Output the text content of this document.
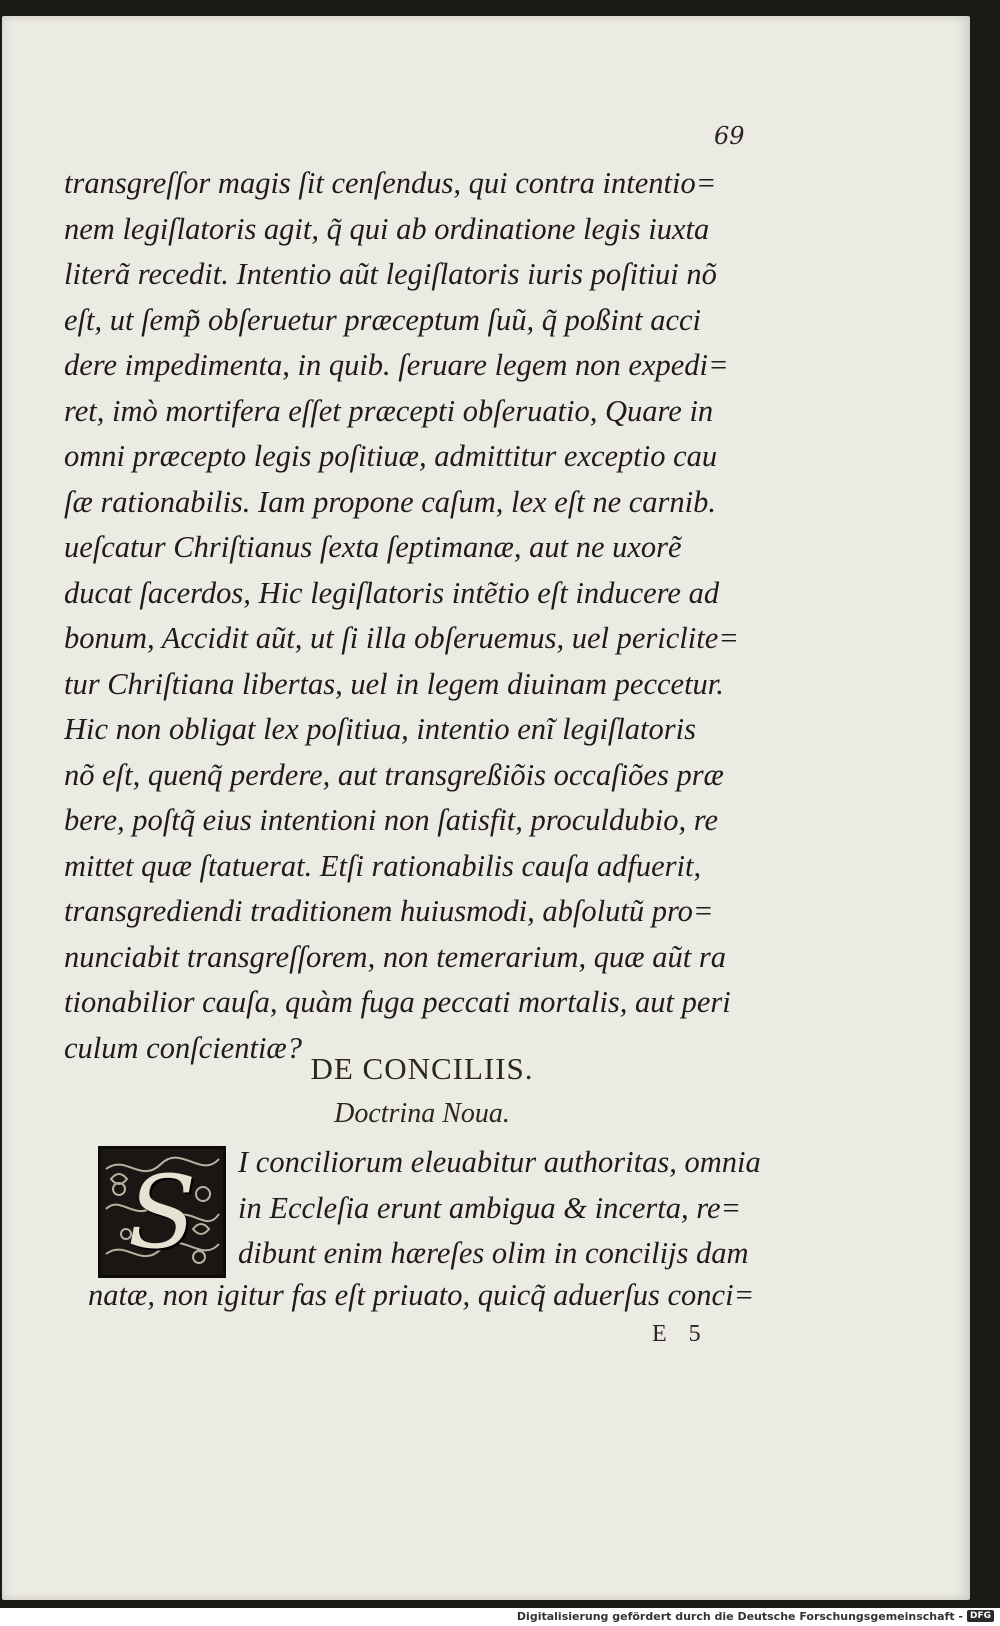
69
transgreſſor magis ſit cenſendus, qui contra intentio=
nem legiſlatoris agit, q̃ qui ab ordinatione legis iuxta
literã recedit. Intentio aũt legiſlatoris iuris poſitiui nõ
eſt, ut ſemp̃ obſeruetur præceptum ſuũ, q̃ poßint acci
dere impedimenta, in quib. ſeruare legem non expedi=
ret, imò mortifera eſſet præcepti obſeruatio, Quare in
omni præcepto legis poſitiuæ, admittitur exceptio cau
ſæ rationabilis. Iam propone caſum, lex eſt ne carnib.
ueſcatur Chriſtianus ſexta ſeptimanæ, aut ne uxorẽ
ducat ſacerdos, Hic legiſlatoris intẽtio eſt inducere ad
bonum, Accidit aũt, ut ſi illa obſeruemus, uel periclite=
tur Chriſtiana libertas, uel in legem diuinam peccetur.
Hic non obligat lex poſitiua, intentio enĩ legiſlatoris
nõ eſt, quenq̃ perdere, aut transgreßiõis occaſiões præ
bere, poſtq̃ eius intentioni non ſatisfit, proculdubio, re
mittet quæ ſtatuerat. Etſi rationabilis cauſa adfuerit,
transgrediendi traditionem huiusmodi, abſolutũ pro=
nunciabit transgreſſorem, non temerarium, quæ aũt ra
tionabilior cauſa, quàm fuga peccati mortalis, aut peri
culum conſcientiæ?
DE CONCILIIS.
Doctrina Noua.
S	I conciliorum eleuabitur authoritas, omnia
in Eccleſia erunt ambigua & incerta, re=
dibunt enim hæreſes olim in concilijs dam
natæ, non igitur fas eſt priuato, quicq̃ aduerſus conci=
E 5
Digitalisierung gefördert durch die Deutsche Forschungsgemeinschaft - DFG
